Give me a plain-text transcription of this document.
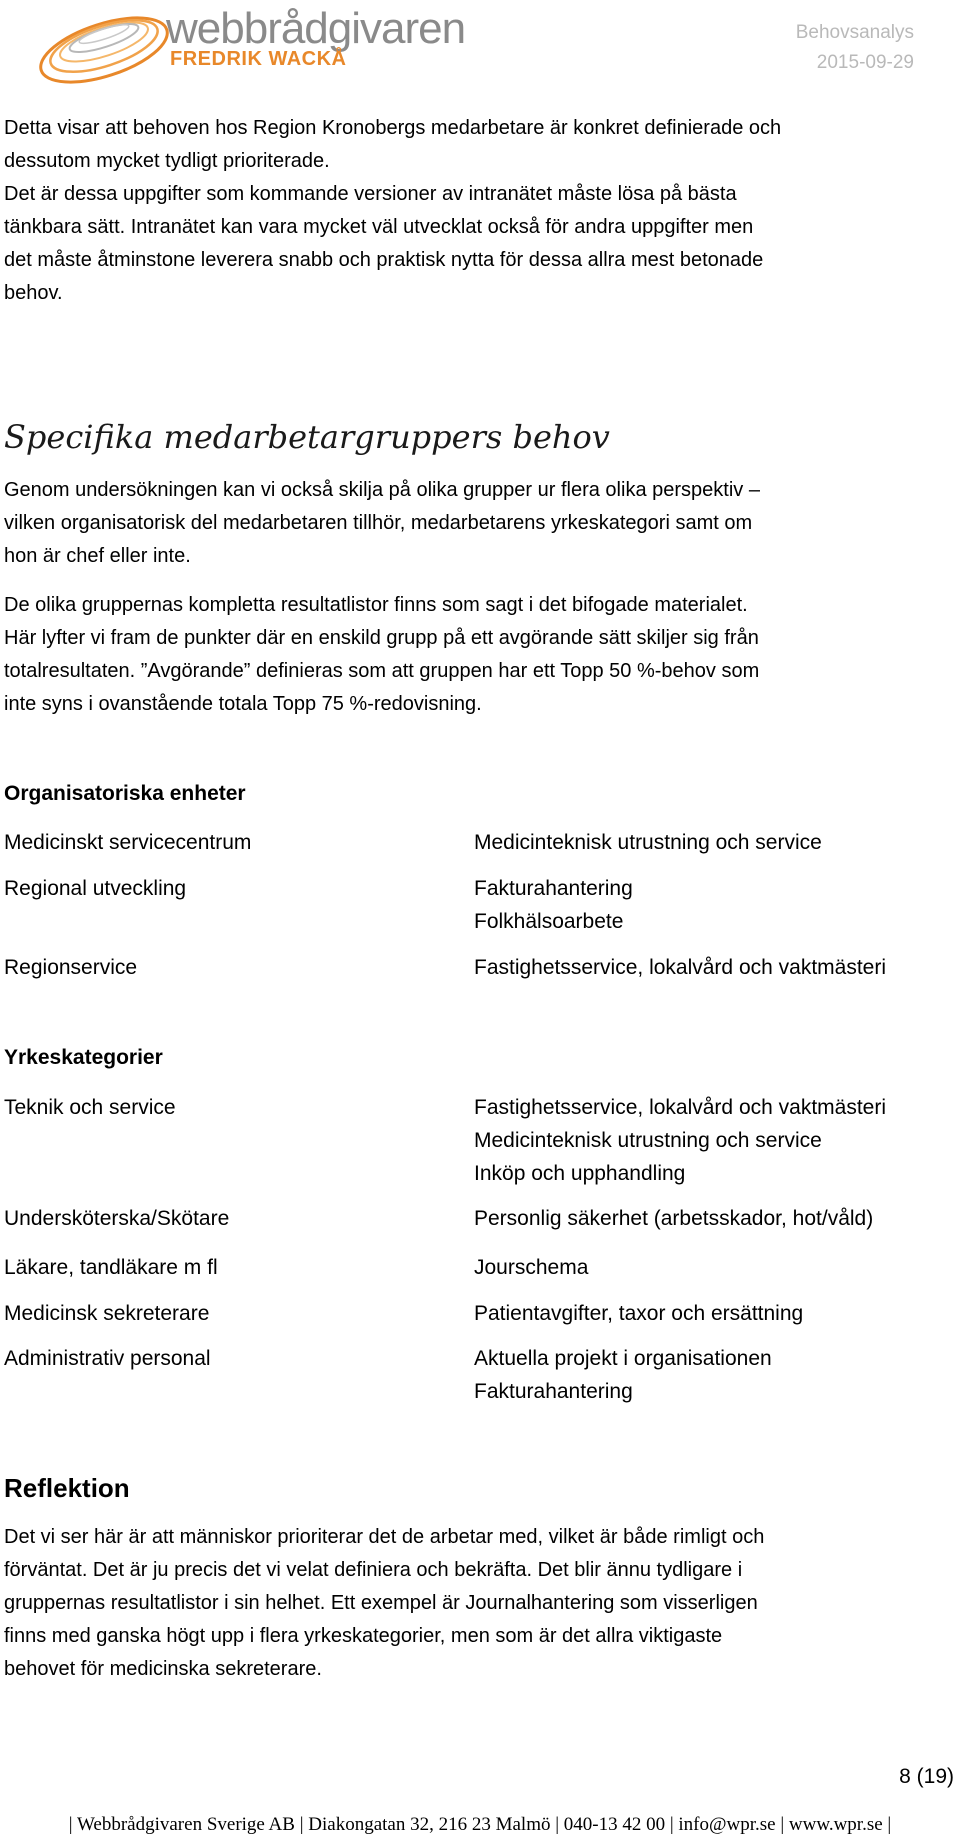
webbrådgivaren
FREDRIK WACKÅ
Behovsanalys
2015-09-29
Detta visar att behoven hos Region Kronobergs medarbetare är konkret definierade och
dessutom mycket tydligt prioriterade.
Det är dessa uppgifter som kommande versioner av intranätet måste lösa på bästa
tänkbara sätt. Intranätet kan vara mycket väl utvecklat också för andra uppgifter men
det måste åtminstone leverera snabb och praktisk nytta för dessa allra mest betonade
behov.
Specifika medarbetargruppers behov
Genom undersökningen kan vi också skilja på olika grupper ur flera olika perspektiv –
vilken organisatorisk del medarbetaren tillhör, medarbetarens yrkeskategori samt om
hon är chef eller inte.
De olika gruppernas kompletta resultatlistor finns som sagt i det bifogade materialet.
Här lyfter vi fram de punkter där en enskild grupp på ett avgörande sätt skiljer sig från
totalresultaten. ”Avgörande” definieras som att gruppen har ett Topp 50 %-behov som
inte syns i ovanstående totala Topp 75 %-redovisning.
Organisatoriska enheter
Medicinskt servicecentrum	Medicinteknisk utrustning och service
Regional utveckling	Fakturahantering
Folkhälsoarbete
Regionservice	Fastighetsservice, lokalvård och vaktmästeri
Yrkeskategorier
Teknik och service	Fastighetsservice, lokalvård och vaktmästeri
Medicinteknisk utrustning och service
Inköp och upphandling
Undersköterska/Skötare	Personlig säkerhet (arbetsskador, hot/våld)
Läkare, tandläkare m fl	Jourschema
Medicinsk sekreterare	Patientavgifter, taxor och ersättning
Administrativ personal	Aktuella projekt i organisationen
Fakturahantering
Reflektion
Det vi ser här är att människor prioriterar det de arbetar med, vilket är både rimligt och
förväntat. Det är ju precis det vi velat definiera och bekräfta. Det blir ännu tydligare i
gruppernas resultatlistor i sin helhet. Ett exempel är Journalhantering som visserligen
finns med ganska högt upp i flera yrkeskategorier, men som är det allra viktigaste
behovet för medicinska sekreterare.
8 (19)
| Webbrådgivaren Sverige AB | Diakongatan 32, 216 23 Malmö | 040-13 42 00 | info@wpr.se | www.wpr.se |
